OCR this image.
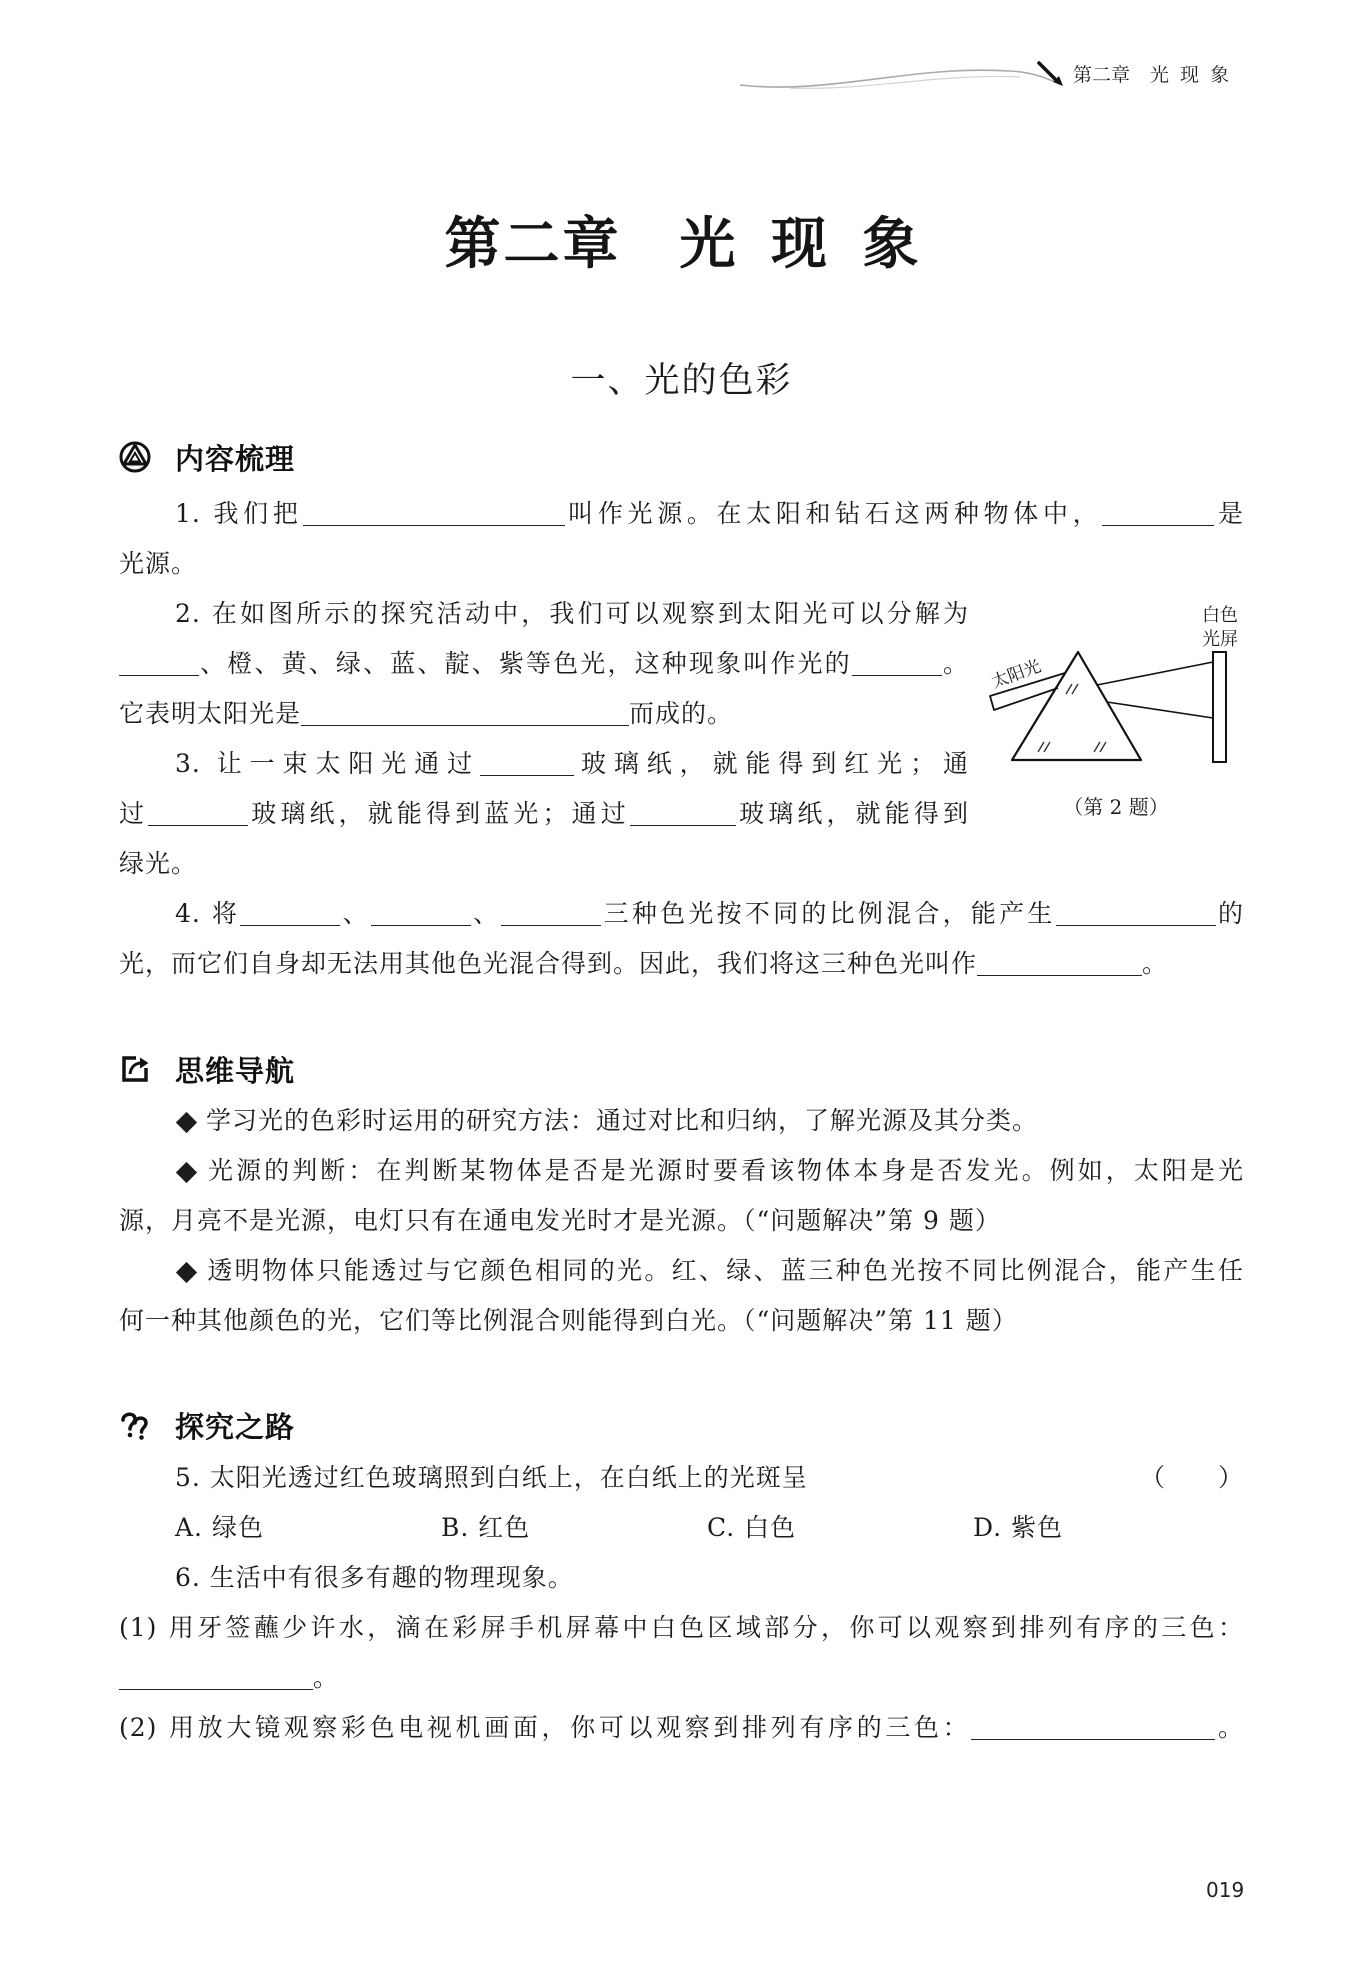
第二章 光 现 象
第二章 光 现 象
一、光的色彩
内容梳理
1. 我们把	叫作光源。在太阳和钻石这两种物体中，	是
光源。
2. 在如图所示的探究活动中，我们可以观察到太阳光可以分解为
、橙、黄、绿、蓝、靛、紫等色光，这种现象叫作光的	。
它表明太阳光是	而成的。
3. 让一束太阳光通过	玻璃纸，就能得到红光；通
过	玻璃纸，就能得到蓝光；通过	玻璃纸，就能得到
绿光。
4. 将	、	、	三种色光按不同的比例混合，能产生	的
光，而它们自身却无法用其他色光混合得到。因此，我们将这三种色光叫作	。
白色
光屏
太阳光
（第 2 题）
思维导航
学习光的色彩时运用的研究方法：通过对比和归纳，了解光源及其分类。
光源的判断：在判断某物体是否是光源时要看该物体本身是否发光。例如，太阳是光
源，月亮不是光源，电灯只有在通电发光时才是光源。（“问题解决”第 9 题）
透明物体只能透过与它颜色相同的光。红、绿、蓝三种色光按不同比例混合，能产生任
何一种其他颜色的光，它们等比例混合则能得到白光。（“问题解决”第 11 题）
探究之路
5. 太阳光透过红色玻璃照到白纸上，在白纸上的光斑呈	（　　）
A. 绿色	B. 红色	C. 白色	D. 紫色
6. 生活中有很多有趣的物理现象。
(1) 用牙签蘸少许水，滴在彩屏手机屏幕中白色区域部分，你可以观察到排列有序的三色：
。
(2) 用放大镜观察彩色电视机画面，你可以观察到排列有序的三色：	。
019
